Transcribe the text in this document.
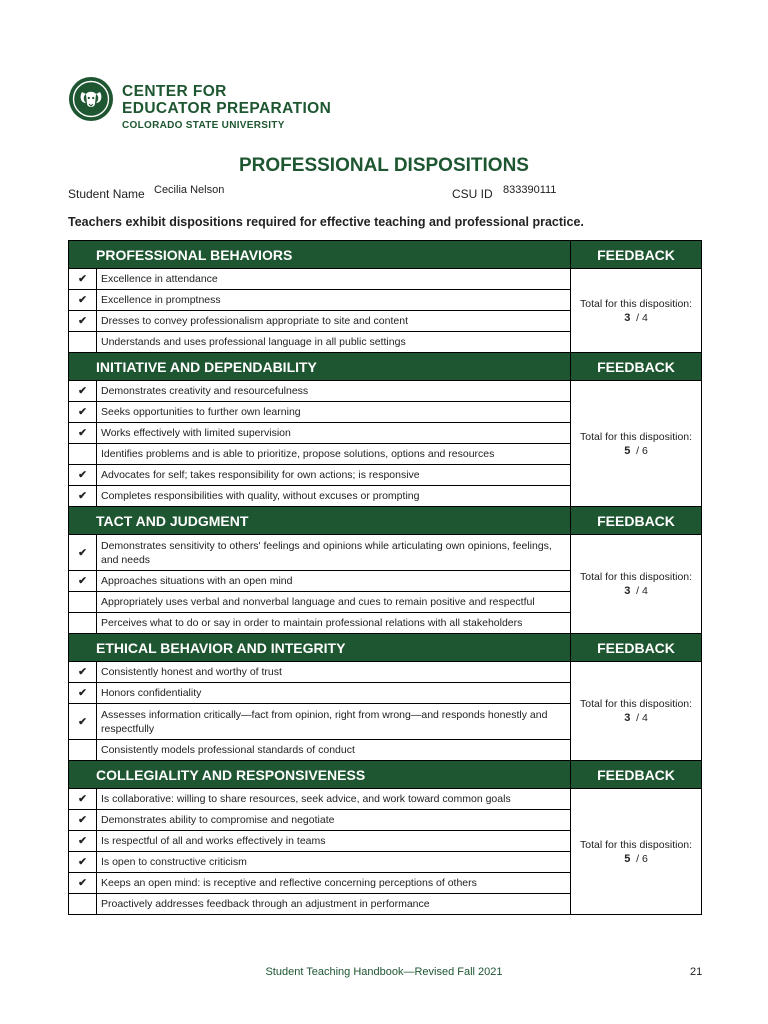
CENTER FOR
EDUCATOR PREPARATION
COLORADO STATE UNIVERSITY
PROFESSIONAL DISPOSITIONS
Student Name Cecilia Nelson	CSU ID 833390111
Teachers exhibit dispositions required for effective teaching and professional practice.
PROFESSIONAL BEHAVIORS		FEEDBACK
✔	Excellence in attendance	Total for this disposition:
3 / 4

✔	Excellence in promptness	
✔	Dresses to convey professionalism appropriate to site and content	
	Understands and uses professional language in all public settings	
INITIATIVE AND DEPENDABILITY		FEEDBACK
✔	Demonstrates creativity and resourcefulness	Total for this disposition:
5 / 6

✔	Seeks opportunities to further own learning	
✔	Works effectively with limited supervision	
	Identifies problems and is able to prioritize, propose solutions, options and resources	
✔	Advocates for self; takes responsibility for own actions; is responsive	
✔	Completes responsibilities with quality, without excuses or prompting	
TACT AND JUDGMENT		FEEDBACK
✔	Demonstrates sensitivity to others' feelings and opinions while articulating own opinions, feelings, and needs	Total for this disposition:
3 / 4

✔	Approaches situations with an open mind	
	Appropriately uses verbal and nonverbal language and cues to remain positive and respectful	
	Perceives what to do or say in order to maintain professional relations with all stakeholders	
ETHICAL BEHAVIOR AND INTEGRITY		FEEDBACK
✔	Consistently honest and worthy of trust	Total for this disposition:
3 / 4

✔	Honors confidentiality	
✔	Assesses information critically—fact from opinion, right from wrong—and responds honestly and respectfully	
	Consistently models professional standards of conduct	
COLLEGIALITY AND RESPONSIVENESS		FEEDBACK
✔	Is collaborative: willing to share resources, seek advice, and work toward common goals	Total for this disposition:
5 / 6

✔	Demonstrates ability to compromise and negotiate	
✔	Is respectful of all and works effectively in teams	
✔	Is open to constructive criticism	
✔	Keeps an open mind: is receptive and reflective concerning perceptions of others	
	Proactively addresses feedback through an adjustment in performance	
Student Teaching Handbook—Revised Fall 2021	21
